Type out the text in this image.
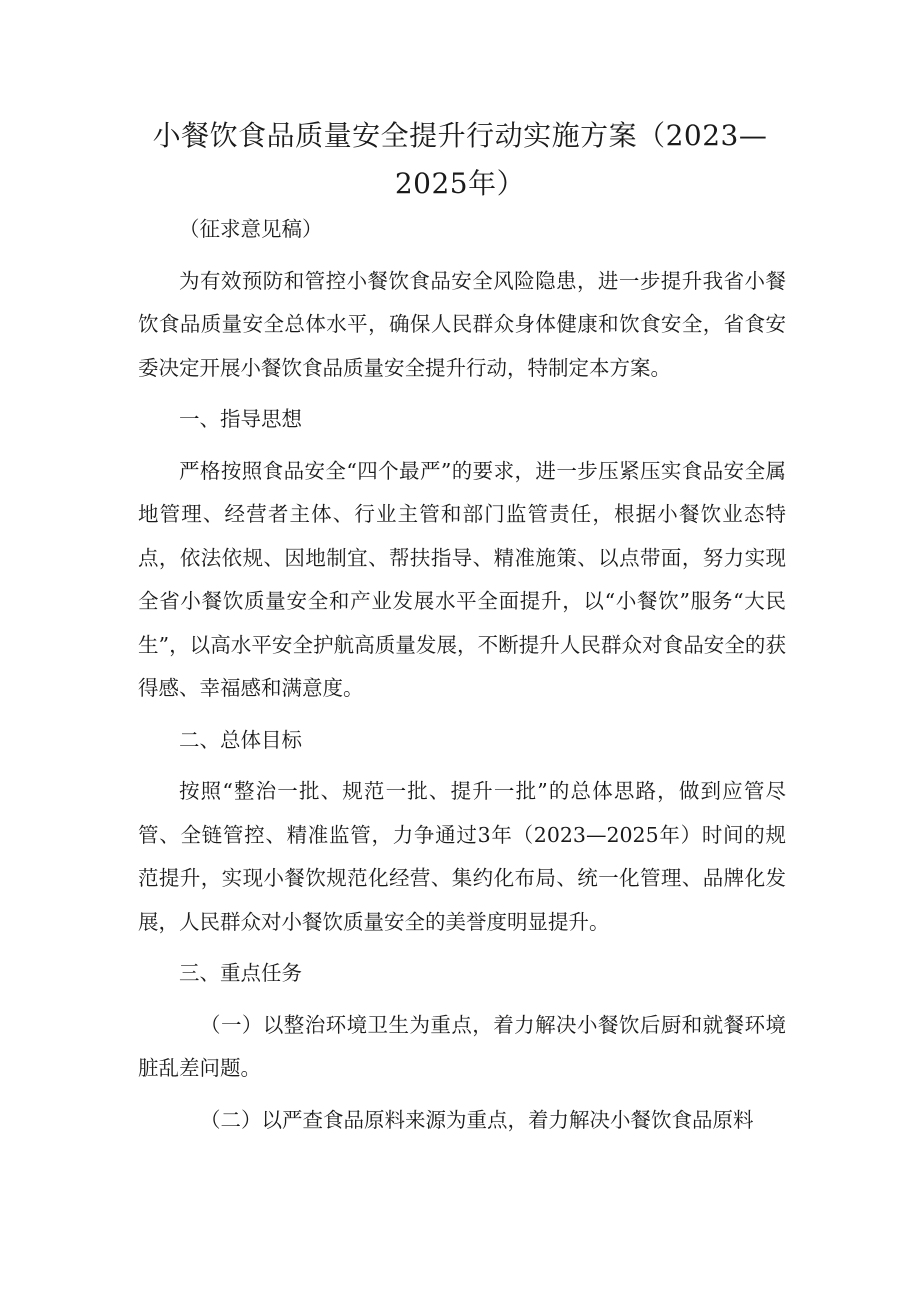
小餐饮食品质量安全提升行动实施方案（2023—2025年）

（征求意见稿）

为有效预防和管控小餐饮食品安全风险隐患，进一步提升我省小餐饮食品质量安全总体水平，确保人民群众身体健康和饮食安全，省食安委决定开展小餐饮食品质量安全提升行动，特制定本方案。

一、指导思想

严格按照食品安全“四个最严”的要求，进一步压紧压实食品安全属地管理、经营者主体、行业主管和部门监管责任，根据小餐饮业态特点，依法依规、因地制宜、帮扶指导、精准施策、以点带面，努力实现全省小餐饮质量安全和产业发展水平全面提升，以“小餐饮”服务“大民生”，以高水平安全护航高质量发展，不断提升人民群众对食品安全的获得感、幸福感和满意度。

二、总体目标

按照“整治一批、规范一批、提升一批”的总体思路，做到应管尽管、全链管控、精准监管，力争通过3年（2023—2025年）时间的规范提升，实现小餐饮规范化经营、集约化布局、统一化管理、品牌化发展，人民群众对小餐饮质量安全的美誉度明显提升。

三、重点任务

（一）以整治环境卫生为重点，着力解决小餐饮后厨和就餐环境脏乱差问题。

（二）以严查食品原料来源为重点，着力解决小餐饮食品原料
